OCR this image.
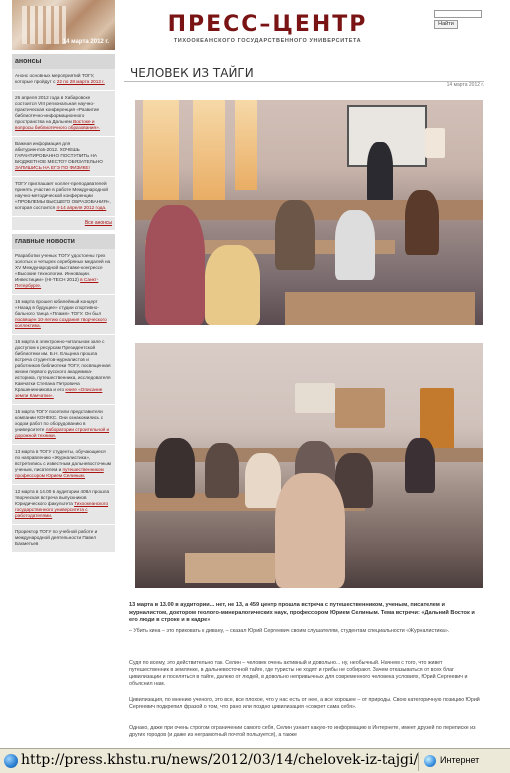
14 марта 2012 г.
анонсы
Анонс основных мероприятий ТОГУ, которые пройдут с 22 по 28 марта 2012 г.
26 апреля 2012 года в Хабаровске состоится VIII региональная научно-практическая конференция «Развитие библиотечно-информационного пространства на Дальнем Востоке и вопросы библиотечного образования».
Важная информация для абитуриентов-2012. ХОЧЕШЬ ГАРАНТИРОВАННО ПОСТУПИТЬ НА БЮДЖЕТНОЕ МЕСТО? ОБЯЗАТЕЛЬНО ЗАПИШИСЬ НА ЕГЭ ПО ФИЗИКЕ!
ТОГУ приглашает коллег-преподавателей принять участие в работе Международной научно-методической конференции «ПРОБЛЕМЫ ВЫСШЕГО ОБРАЗОВАНИЯ», которая состоится 4-14 апреля 2012 года.
Все анонсы
главные новости
Разработки ученых ТОГУ удостоены трех золотых и четырех серебряных медалей на XV Международной выставке-конгрессе «Высокие технологии. Инновации. Инвестиции» (HI-TECH 2012) в Санкт-Петербурге.
16 марта прошел юбилейный концерт «Назад в будущее» студии спортивно-бального танца «Пламя» ТОГУ. Он был посвящен 10-летию создания творческого коллектива.
16 марта в электронно-читальном зале с доступом к ресурсам Президентской библиотеки им. Б.Н. Ельцина прошла встреча студентов-журналистов и работников библиотеки ТОГУ, посвященная жизни первого русского академика-историка, путешественника, исследователя Камчатки Степана Петровича Крашенинникова и его книге «Описание земли Камчатки».
15 марта ТОГУ посетили представители компании КОНЕКС. Они ознакомились с ходом работ по оборудованию в университете лаборатории строительной и дорожной техники.
13 марта в ТОГУ студенты, обучающиеся по направлению «Журналистика», встретились с известным дальневосточным ученым, писателем и путешественником профессором Юрием Селиным.
12 марта в 14.00 в аудитории 408л прошла творческая встреча выпускников Юридического факультета Тихоокеанского государственного университета с работодателями.
Проректор ТОГУ по учебной работе и международной деятельности Павел Бахметьев
ПРЕСС–ЦЕНТР
ТИХООКЕАНСКОГО ГОСУДАРСТВЕННОГО УНИВЕРСИТЕТА
Найти
ЧЕЛОВЕК ИЗ ТАЙГИ
14 марта 2012 г.
13 марта в 13.00 в аудитории... нет, не 13, а 459 центр прошла встреча с путешественником, ученым, писателем и журналистом, доктором геолого-минералогических наук, профессором Юрием Селиным. Тема встречи: «Дальний Восток и его люди в строке и в кадре»
– Убить кина – это приковать к дивану, – сказал Юрий Сергеевич своим слушателям, студентам специальности «Журналистика».
Судя по всему, это действительно так. Селин – человек очень активный и довольно... ну, необычный. Начнем с того, что живет путешественник в землянке, в дальневосточной тайге, где туристы не ходят и грибы не собирают. Зачем отказываться от всех благ цивилизации и поселяться в тайге, далеко от людей, в довольно непривычных для современного человека условиях, Юрий Сергеевич и объяснил нам.
Цивилизация, по мнению ученого, это все, все плохое, что у нас есть от нее, а все хорошее – от природы. Свою категоричную позицию Юрий Сергеевич подкрепил фразой о том, что рано или поздно цивилизация «сожрет сама себя».
Однако, даже при очень строгом ограничении самого себя, Селин узнает какую-то информацию в Интернете, имеет друзей по переписке из других городов (и даже из неграмотный почтой пользуется), а также
http://press.khstu.ru/news/2012/03/14/chelovek-iz-tajgi/ Интернет
